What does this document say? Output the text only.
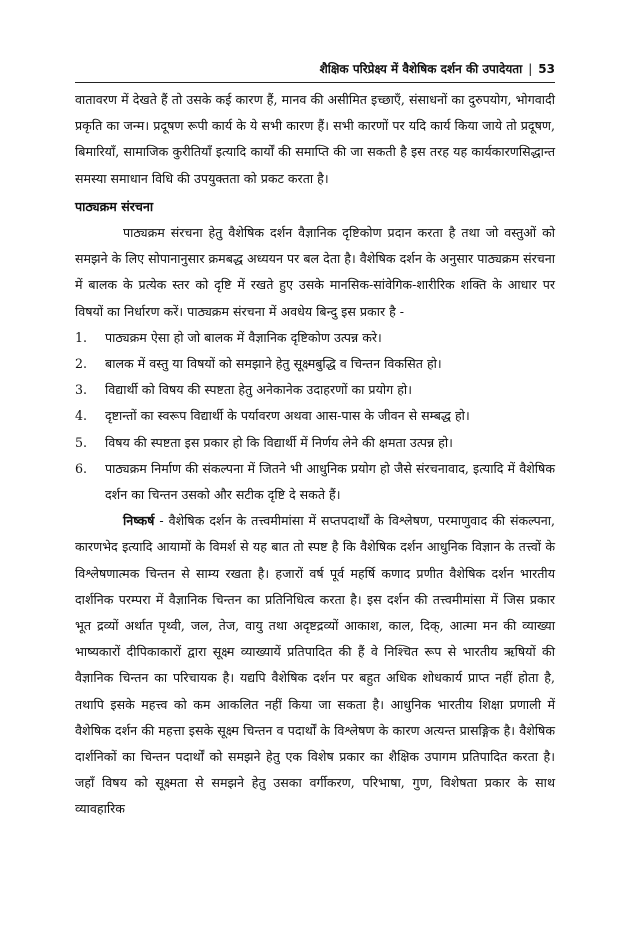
शैक्षिक परिप्रेक्ष्य में वैशेषिक दर्शन की उपादेयता | 53

वातावरण में देखते हैं तो उसके कई कारण हैं, मानव की असीमित इच्छाएँ, संसाधनों का दुरुपयोग, भोगवादी प्रकृति का जन्म। प्रदूषण रूपी कार्य के ये सभी कारण हैं। सभी कारणों पर यदि कार्य किया जाये तो प्रदूषण, बिमारियाँ, सामाजिक कुरीतियाँ इत्यादि कार्यों की समाप्ति की जा सकती है इस तरह यह कार्यकारणसिद्धान्त समस्या समाधान विधि की उपयुक्तता को प्रकट करता है।

पाठ्यक्रम संरचना

पाठ्यक्रम संरचना हेतु वैशेषिक दर्शन वैज्ञानिक दृष्टिकोण प्रदान करता है तथा जो वस्तुओं को समझने के लिए सोपानानुसार क्रमबद्ध अध्ययन पर बल देता है। वैशेषिक दर्शन के अनुसार पाठ्यक्रम संरचना में बालक के प्रत्येक स्तर को दृष्टि में रखते हुए उसके मानसिक-सांवेगिक-शारीरिक शक्ति के आधार पर विषयों का निर्धारण करें। पाठ्यक्रम संरचना में अवधेय बिन्दु इस प्रकार है -

1.	पाठ्यक्रम ऐसा हो जो बालक में वैज्ञानिक दृष्टिकोण उत्पन्न करे।
2.	बालक में वस्तु या विषयों को समझाने हेतु सूक्ष्मबुद्धि व चिन्तन विकसित हो।
3.	विद्यार्थी को विषय की स्पष्टता हेतु अनेकानेक उदाहरणों का प्रयोग हो।
4.	दृष्टान्तों का स्वरूप विद्यार्थी के पर्यावरण अथवा आस-पास के जीवन से सम्बद्ध हो।
5.	विषय की स्पष्टता इस प्रकार हो कि विद्यार्थी में निर्णय लेने की क्षमता उत्पन्न हो।
6.	पाठ्यक्रम निर्माण की संकल्पना में जितने भी आधुनिक प्रयोग हो जैसे संरचनावाद, इत्यादि में वैशेषिक दर्शन का चिन्तन उसको और सटीक दृष्टि दे सकते हैं।

निष्कर्ष - वैशेषिक दर्शन के तत्त्वमीमांसा में सप्तपदार्थों के विश्लेषण, परमाणुवाद की संकल्पना, कारणभेद इत्यादि आयामों के विमर्श से यह बात तो स्पष्ट है कि वैशेषिक दर्शन आधुनिक विज्ञान के तत्त्वों के विश्लेषणात्मक चिन्तन से साम्य रखता है। हजारों वर्ष पूर्व महर्षि कणाद प्रणीत वैशेषिक दर्शन भारतीय दार्शनिक परम्परा में वैज्ञानिक चिन्तन का प्रतिनिधित्व करता है। इस दर्शन की तत्त्वमीमांसा में जिस प्रकार भूत द्रव्यों अर्थात पृथ्वी, जल, तेज, वायु तथा अदृष्टद्रव्यों आकाश, काल, दिक्, आत्मा मन की व्याख्या भाष्यकारों दीपिकाकारों द्वारा सूक्ष्म व्याख्यायें प्रतिपादित की हैं वे निश्चित रूप से भारतीय ऋषियों की वैज्ञानिक चिन्तन का परिचायक है। यद्यपि वैशेषिक दर्शन पर बहुत अधिक शोधकार्य प्राप्त नहीं होता है, तथापि इसके महत्त्व को कम आकलित नहीं किया जा सकता है। आधुनिक भारतीय शिक्षा प्रणाली में वैशेषिक दर्शन की महत्ता इसके सूक्ष्म चिन्तन व पदार्थों के विश्लेषण के कारण अत्यन्त प्रासङ्गिक है। वैशेषिक दार्शनिकों का चिन्तन पदार्थों को समझने हेतु एक विशेष प्रकार का शैक्षिक उपागम प्रतिपादित करता है। जहाँ विषय को सूक्ष्मता से समझने हेतु उसका वर्गीकरण, परिभाषा, गुण, विशेषता प्रकार के साथ व्यावहारिक
